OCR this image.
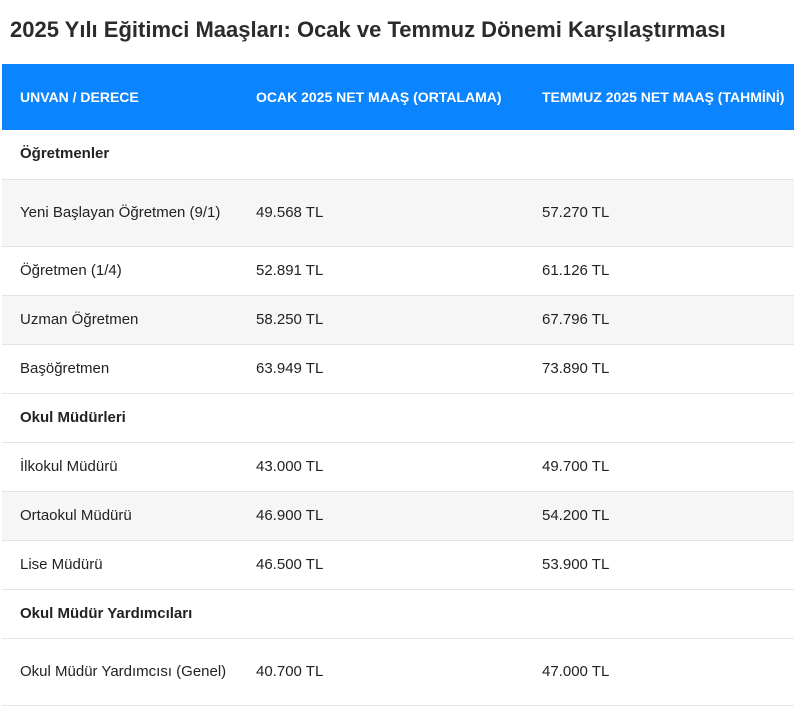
2025 Yılı Eğitimci Maaşları: Ocak ve Temmuz Dönemi Karşılaştırması
UNVAN / DERECE	OCAK 2025 NET MAAŞ (ORTALAMA)	TEMMUZ 2025 NET MAAŞ (TAHMİNİ)
Öğretmenler		
Yeni Başlayan Öğretmen (9/1)	49.568 TL	57.270 TL
Öğretmen (1/4)	52.891 TL	61.126 TL
Uzman Öğretmen	58.250 TL	67.796 TL
Başöğretmen	63.949 TL	73.890 TL
Okul Müdürleri		
İlkokul Müdürü	43.000 TL	49.700 TL
Ortaokul Müdürü	46.900 TL	54.200 TL
Lise Müdürü	46.500 TL	53.900 TL
Okul Müdür Yardımcıları		
Okul Müdür Yardımcısı (Genel)	40.700 TL	47.000 TL
